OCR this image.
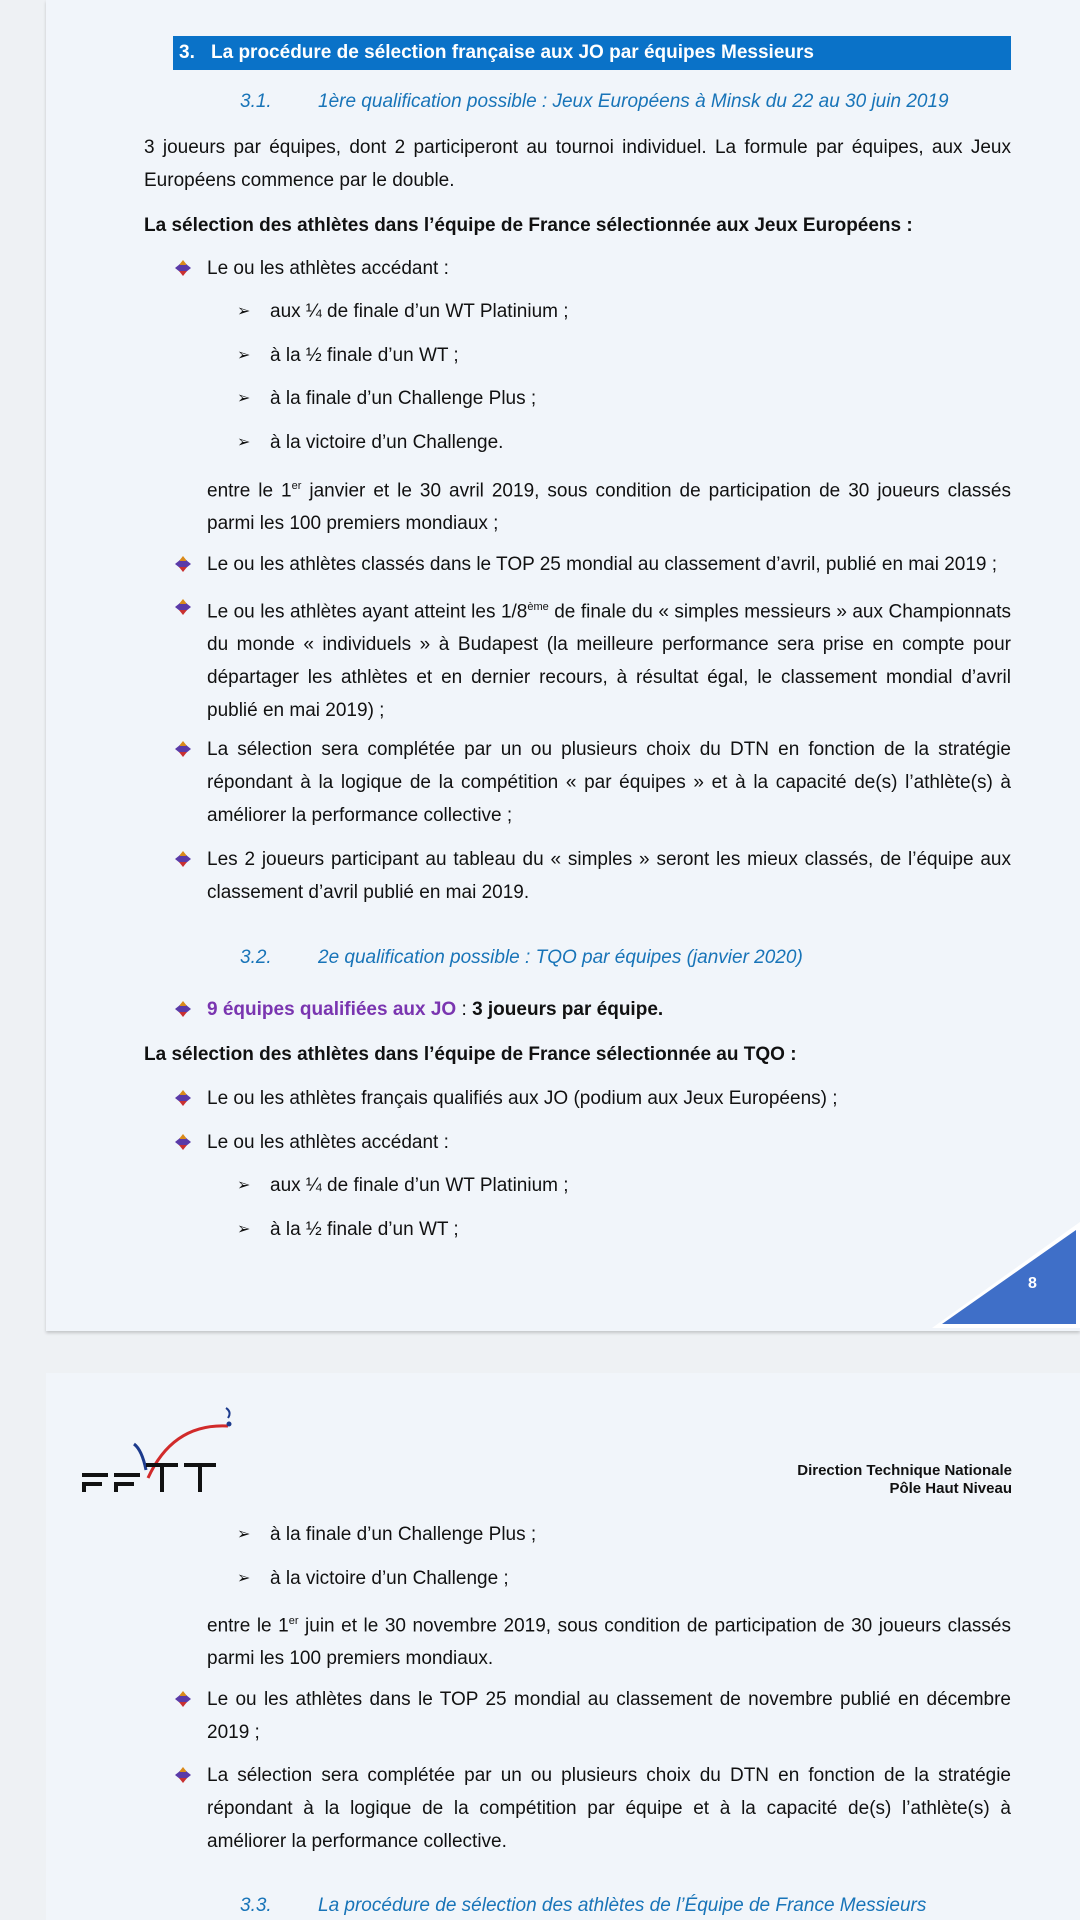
3. La procédure de sélection française aux JO par équipes Messieurs
3.1. 1ère qualification possible : Jeux Européens à Minsk du 22 au 30 juin 2019
3 joueurs par équipes, dont 2 participeront au tournoi individuel. La formule par équipes, aux Jeux Européens commence par le double.
La sélection des athlètes dans l’équipe de France sélectionnée aux Jeux Européens :
Le ou les athlètes accédant :
➢ aux ¼ de finale d’un WT Platinium ;
➢ à la ½ finale d’un WT ;
➢ à la finale d’un Challenge Plus ;
➢ à la victoire d’un Challenge.
entre le 1er janvier et le 30 avril 2019, sous condition de participation de 30 joueurs classés parmi les 100 premiers mondiaux ;
Le ou les athlètes classés dans le TOP 25 mondial au classement d’avril, publié en mai 2019 ;
Le ou les athlètes ayant atteint les 1/8ème de finale du « simples messieurs » aux Championnats du monde « individuels » à Budapest (la meilleure performance sera prise en compte pour départager les athlètes et en dernier recours, à résultat égal, le classement mondial d’avril publié en mai 2019) ;
La sélection sera complétée par un ou plusieurs choix du DTN en fonction de la stratégie répondant à la logique de la compétition « par équipes » et à la capacité de(s) l’athlète(s) à améliorer la performance collective ;
Les 2 joueurs participant au tableau du « simples » seront les mieux classés, de l’équipe aux classement d’avril publié en mai 2019.
3.2. 2e qualification possible : TQO par équipes (janvier 2020)
9 équipes qualifiées aux JO : 3 joueurs par équipe.
La sélection des athlètes dans l’équipe de France sélectionnée au TQO :
Le ou les athlètes français qualifiés aux JO (podium aux Jeux Européens) ;
Le ou les athlètes accédant :
➢ aux ¼ de finale d’un WT Platinium ;
➢ à la ½ finale d’un WT ;
8
Direction Technique Nationale
Pôle Haut Niveau
➢ à la finale d’un Challenge Plus ;
➢ à la victoire d’un Challenge ;
entre le 1er juin et le 30 novembre 2019, sous condition de participation de 30 joueurs classés parmi les 100 premiers mondiaux.
Le ou les athlètes dans le TOP 25 mondial au classement de novembre publié en décembre 2019 ;
La sélection sera complétée par un ou plusieurs choix du DTN en fonction de la stratégie répondant à la logique de la compétition par équipe et à la capacité de(s) l’athlète(s) à améliorer la performance collective.
3.3. La procédure de sélection des athlètes de l’Équipe de France Messieurs
